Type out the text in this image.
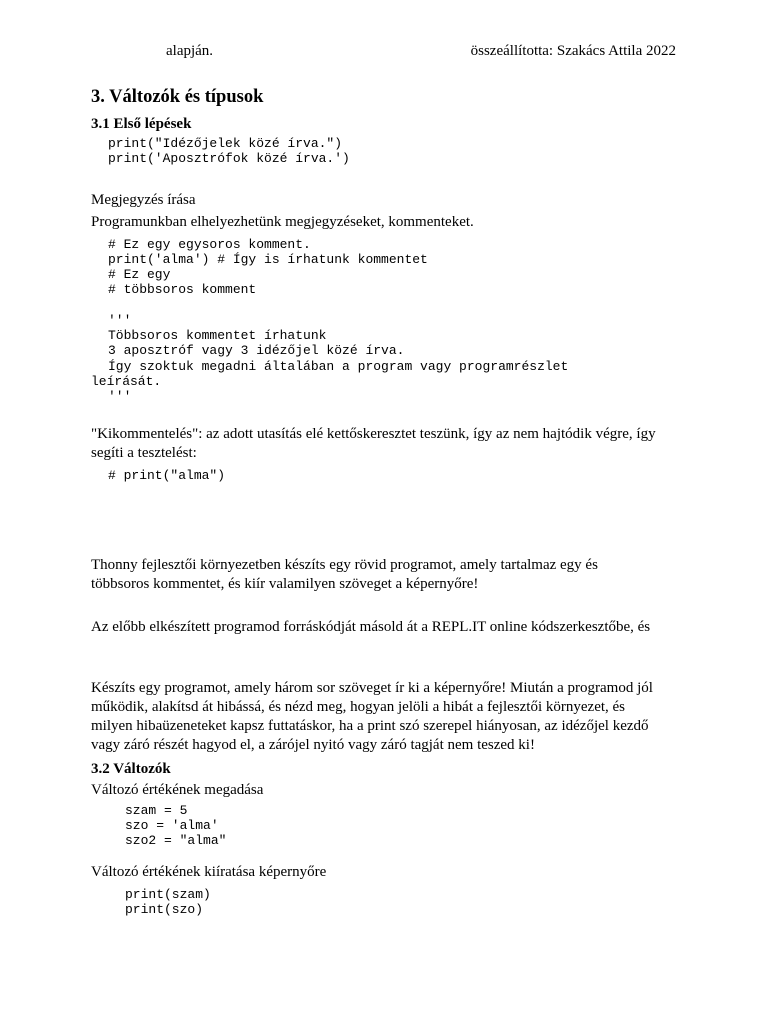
alapján.	összeállította: Szakács Attila 2022
3. Változók és típusok
3.1 Első lépések
print("Idézőjelek közé írva.")
print('Aposztrófok közé írva.')

Megjegyzés írása

Programunkban elhelyezhetünk megjegyzéseket, kommenteket.

# Ez egy egysoros komment.
print('alma') # Így is írhatunk kommentet
# Ez egy
# többsoros komment
'''
Többsoros kommentet írhatunk
3 aposztróf vagy 3 idézőjel közé írva.
Így szoktuk megadni általában a program vagy programrészlet
leírását.
'''

"Kikommentelés": az adott utasítás elé kettőskeresztet teszünk, így az nem hajtódik végre, így

segíti a tesztelést:

# print("alma")

Thonny fejlesztői környezetben készíts egy rövid programot, amely tartalmaz egy és

többsoros kommentet, és kiír valamilyen szöveget a képernyőre!

Az előbb elkészített programod forráskódját másold át a REPL.IT online kódszerkesztőbe, és

Készíts egy programot, amely három sor szöveget ír ki a képernyőre! Miután a programod jól

működik, alakítsd át hibássá, és nézd meg, hogyan jelöli a hibát a fejlesztői környezet, és

milyen hibaüzeneteket kapsz futtatáskor, ha a print szó szerepel hiányosan, az idézőjel kezdő

vagy záró részét hagyod el, a zárójel nyitó vagy záró tagját nem teszed ki!

3.2 Változók

Változó értékének megadása

szam = 5
szo = 'alma'
szo2 = "alma"

Változó értékének kiíratása képernyőre

print(szam)
print(szo)
